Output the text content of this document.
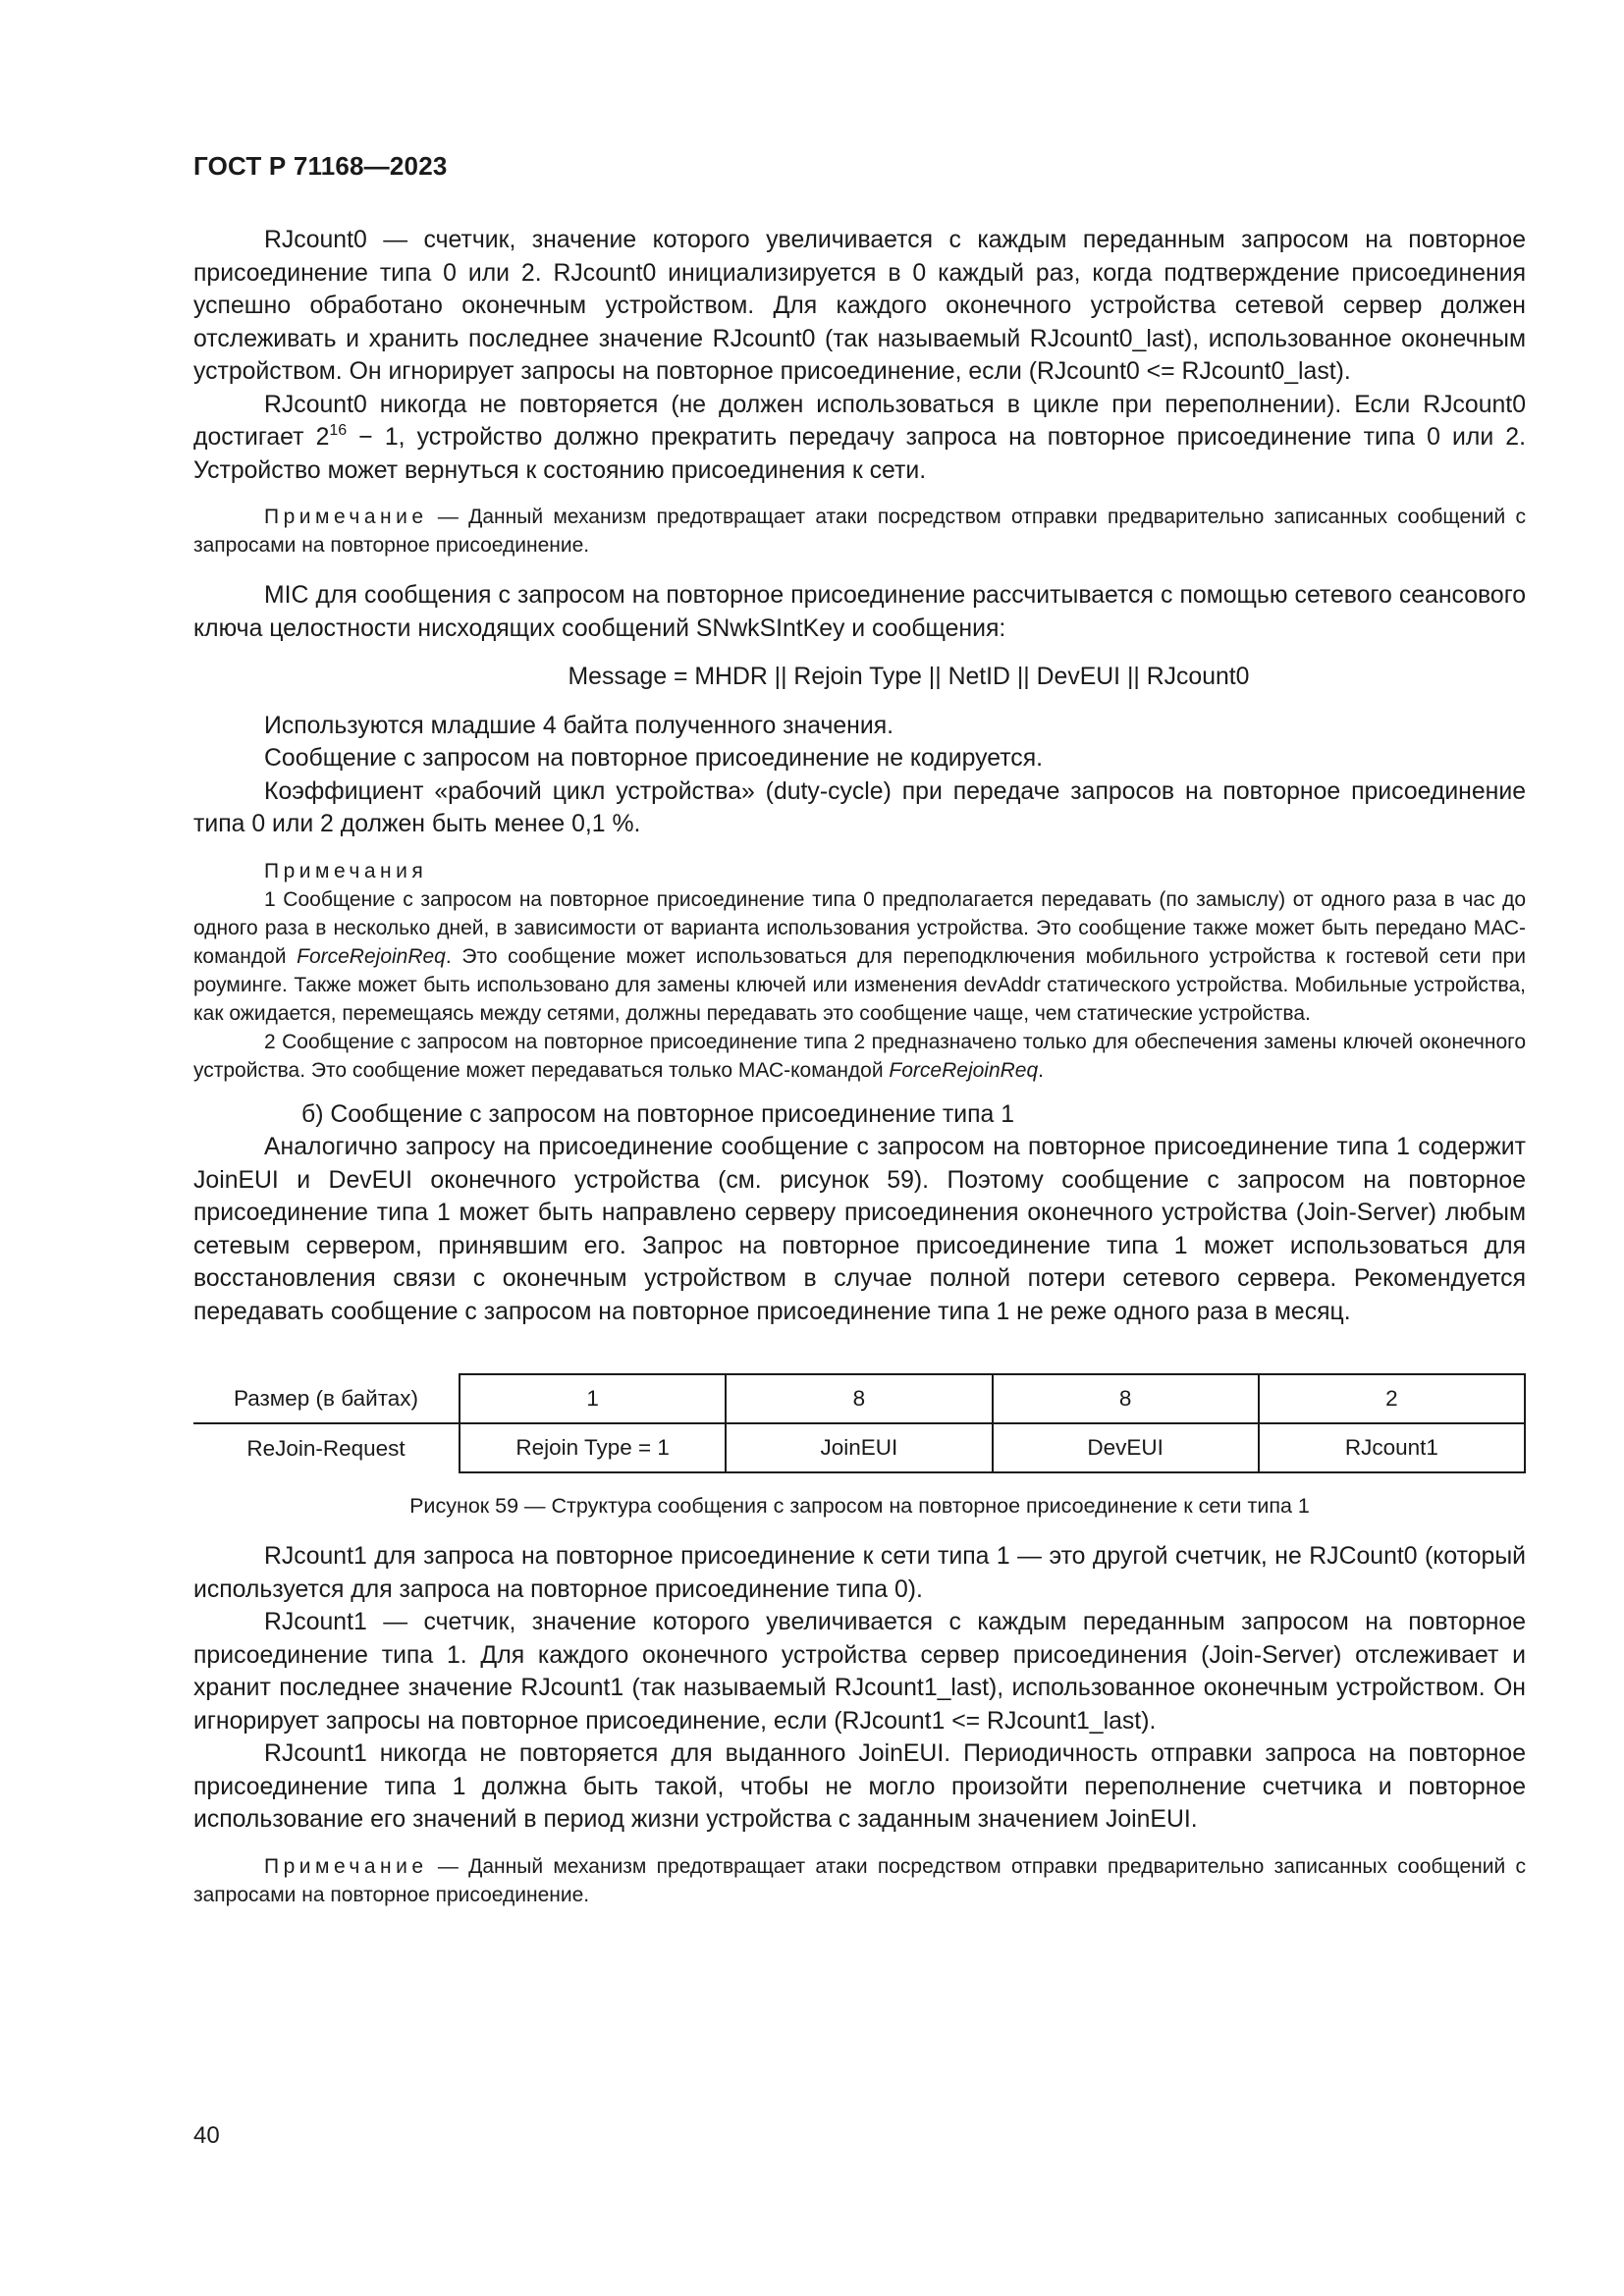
ГОСТ Р 71168—2023

RJcount0 — счетчик, значение которого увеличивается с каждым переданным запросом на повторное присоединение типа 0 или 2. RJcount0 инициализируется в 0 каждый раз, когда подтверждение присоединения успешно обработано оконечным устройством. Для каждого оконечного устройства сетевой сервер должен отслеживать и хранить последнее значение RJcount0 (так называемый RJcount0_last), использованное оконечным устройством. Он игнорирует запросы на повторное присоединение, если (RJcount0 <= RJcount0_last).

RJcount0 никогда не повторяется (не должен использоваться в цикле при переполнении). Если RJcount0 достигает $2^{16} - 1$, устройство должно прекратить передачу запроса на повторное присоединение типа 0 или 2. Устройство может вернуться к состоянию присоединения к сети.

Примечание — Данный механизм предотвращает атаки посредством отправки предварительно записанных сообщений с запросами на повторное присоединение.

MIC для сообщения с запросом на повторное присоединение рассчитывается с помощью сетевого сеансового ключа целостности нисходящих сообщений SNwkSIntKey и сообщения:

Message = MHDR || Rejoin Type || NetID || DevEUI || RJcount0

Используются младшие 4 байта полученного значения.

Сообщение с запросом на повторное присоединение не кодируется.

Коэффициент «рабочий цикл устройства» (duty-cycle) при передаче запросов на повторное присоединение типа 0 или 2 должен быть менее 0,1 %.

Примечания

1 Сообщение с запросом на повторное присоединение типа 0 предполагается передавать (по замыслу) от одного раза в час до одного раза в несколько дней, в зависимости от варианта использования устройства. Это сообщение также может быть передано МАС-командой ForceRejoinReq. Это сообщение может использоваться для переподключения мобильного устройства к гостевой сети при роуминге. Также может быть использовано для замены ключей или изменения devAddr статического устройства. Мобильные устройства, как ожидается, перемещаясь между сетями, должны передавать это сообщение чаще, чем статические устройства.

2 Сообщение с запросом на повторное присоединение типа 2 предназначено только для обеспечения замены ключей оконечного устройства. Это сообщение может передаваться только МАС-командой ForceRejoinReq.

б) Сообщение с запросом на повторное присоединение типа 1

Аналогично запросу на присоединение сообщение с запросом на повторное присоединение типа 1 содержит JoinEUI и DevEUI оконечного устройства (см. рисунок 59). Поэтому сообщение с запросом на повторное присоединение типа 1 может быть направлено серверу присоединения оконечного устройства (Join-Server) любым сетевым сервером, принявшим его. Запрос на повторное присоединение типа 1 может использоваться для восстановления связи с оконечным устройством в случае полной потери сетевого сервера. Рекомендуется передавать сообщение с запросом на повторное присоединение типа 1 не реже одного раза в месяц.

Размер (в байтах)	1	8	8	2
ReJoin-Request	Rejoin Type = 1	JoinEUI	DevEUI	RJcount1

Рисунок 59 — Структура сообщения с запросом на повторное присоединение к сети типа 1

RJcount1 для запроса на повторное присоединение к сети типа 1 — это другой счетчик, не RJCount0 (который используется для запроса на повторное присоединение типа 0).

RJcount1 — счетчик, значение которого увеличивается с каждым переданным запросом на повторное присоединение типа 1. Для каждого оконечного устройства сервер присоединения (Join-Server) отслеживает и хранит последнее значение RJcount1 (так называемый RJcount1_last), использованное оконечным устройством. Он игнорирует запросы на повторное присоединение, если (RJcount1 <= RJcount1_last).

RJcount1 никогда не повторяется для выданного JoinEUI. Периодичность отправки запроса на повторное присоединение типа 1 должна быть такой, чтобы не могло произойти переполнение счетчика и повторное использование его значений в период жизни устройства с заданным значением JoinEUI.

Примечание — Данный механизм предотвращает атаки посредством отправки предварительно записанных сообщений с запросами на повторное присоединение.

40
